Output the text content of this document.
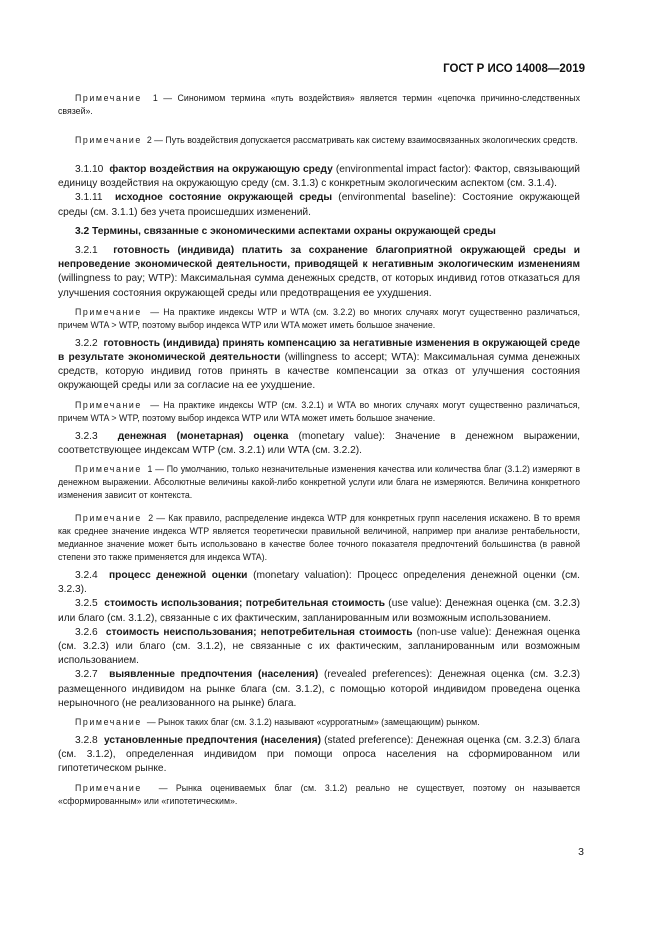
ГОСТ Р ИСО 14008—2019

Примечание 1 — Синонимом термина «путь воздействия» является термин «цепочка причинно-следственных связей».

Примечание 2 — Путь воздействия допускается рассматривать как систему взаимосвязанных экологических средств.

3.1.10 фактор воздействия на окружающую среду (environmental impact factor): Фактор, связывающий единицу воздействия на окружающую среду (см. 3.1.3) с конкретным экологическим аспектом (см. 3.1.4).

3.1.11 исходное состояние окружающей среды (environmental baseline): Состояние окружающей среды (см. 3.1.1) без учета происшедших изменений.

3.2 Термины, связанные с экономическими аспектами охраны окружающей среды

3.2.1 готовность (индивида) платить за сохранение благоприятной окружающей среды и непроведение экономической деятельности, приводящей к негативным экологическим изменениям (willingness to pay; WTP): Максимальная сумма денежных средств, от которых индивид готов отказаться для улучшения состояния окружающей среды или предотвращения ее ухудшения.

Примечание — На практике индексы WTP и WTA (см. 3.2.2) во многих случаях могут существенно различаться, причем WTA > WTP, поэтому выбор индекса WTP или WTA может иметь большое значение.

3.2.2 готовность (индивида) принять компенсацию за негативные изменения в окружающей среде в результате экономической деятельности (willingness to accept; WTA): Максимальная сумма денежных средств, которую индивид готов принять в качестве компенсации за отказ от улучшения состояния окружающей среды или за согласие на ее ухудшение.

Примечание — На практике индексы WTP (см. 3.2.1) и WTA во многих случаях могут существенно различаться, причем WTA > WTP, поэтому выбор индекса WTP или WTA может иметь большое значение.

3.2.3 денежная (монетарная) оценка (monetary value): Значение в денежном выражении, соответствующее индексам WTP (см. 3.2.1) или WTA (см. 3.2.2).

Примечание 1 — По умолчанию, только незначительные изменения качества или количества благ (3.1.2) измеряют в денежном выражении. Абсолютные величины какой-либо конкретной услуги или блага не измеряются. Величина конкретного изменения зависит от контекста.

Примечание 2 — Как правило, распределение индекса WTP для конкретных групп населения искажено. В то время как среднее значение индекса WTP является теоретически правильной величиной, например при анализе рентабельности, медианное значение может быть использовано в качестве более точного показателя предпочтений большинства (в равной степени это также применяется для индекса WTA).

3.2.4 процесс денежной оценки (monetary valuation): Процесс определения денежной оценки (см. 3.2.3).

3.2.5 стоимость использования; потребительная стоимость (use value): Денежная оценка (см. 3.2.3) или благо (см. 3.1.2), связанные с их фактическим, запланированным или возможным использованием.

3.2.6 стоимость неиспользования; непотребительная стоимость (non-use value): Денежная оценка (см. 3.2.3) или благо (см. 3.1.2), не связанные с их фактическим, запланированным или возможным использованием.

3.2.7 выявленные предпочтения (населения) (revealed preferences): Денежная оценка (см. 3.2.3) размещенного индивидом на рынке блага (см. 3.1.2), с помощью которой индивидом проведена оценка нерыночного (не реализованного на рынке) блага.

Примечание — Рынок таких благ (см. 3.1.2) называют «суррогатным» (замещающим) рынком.

3.2.8 установленные предпочтения (населения) (stated preference): Денежная оценка (см. 3.2.3) блага (см. 3.1.2), определенная индивидом при помощи опроса населения на сформированном или гипотетическом рынке.

Примечание — Рынка оцениваемых благ (см. 3.1.2) реально не существует, поэтому он называется «сформированным» или «гипотетическим».

3
